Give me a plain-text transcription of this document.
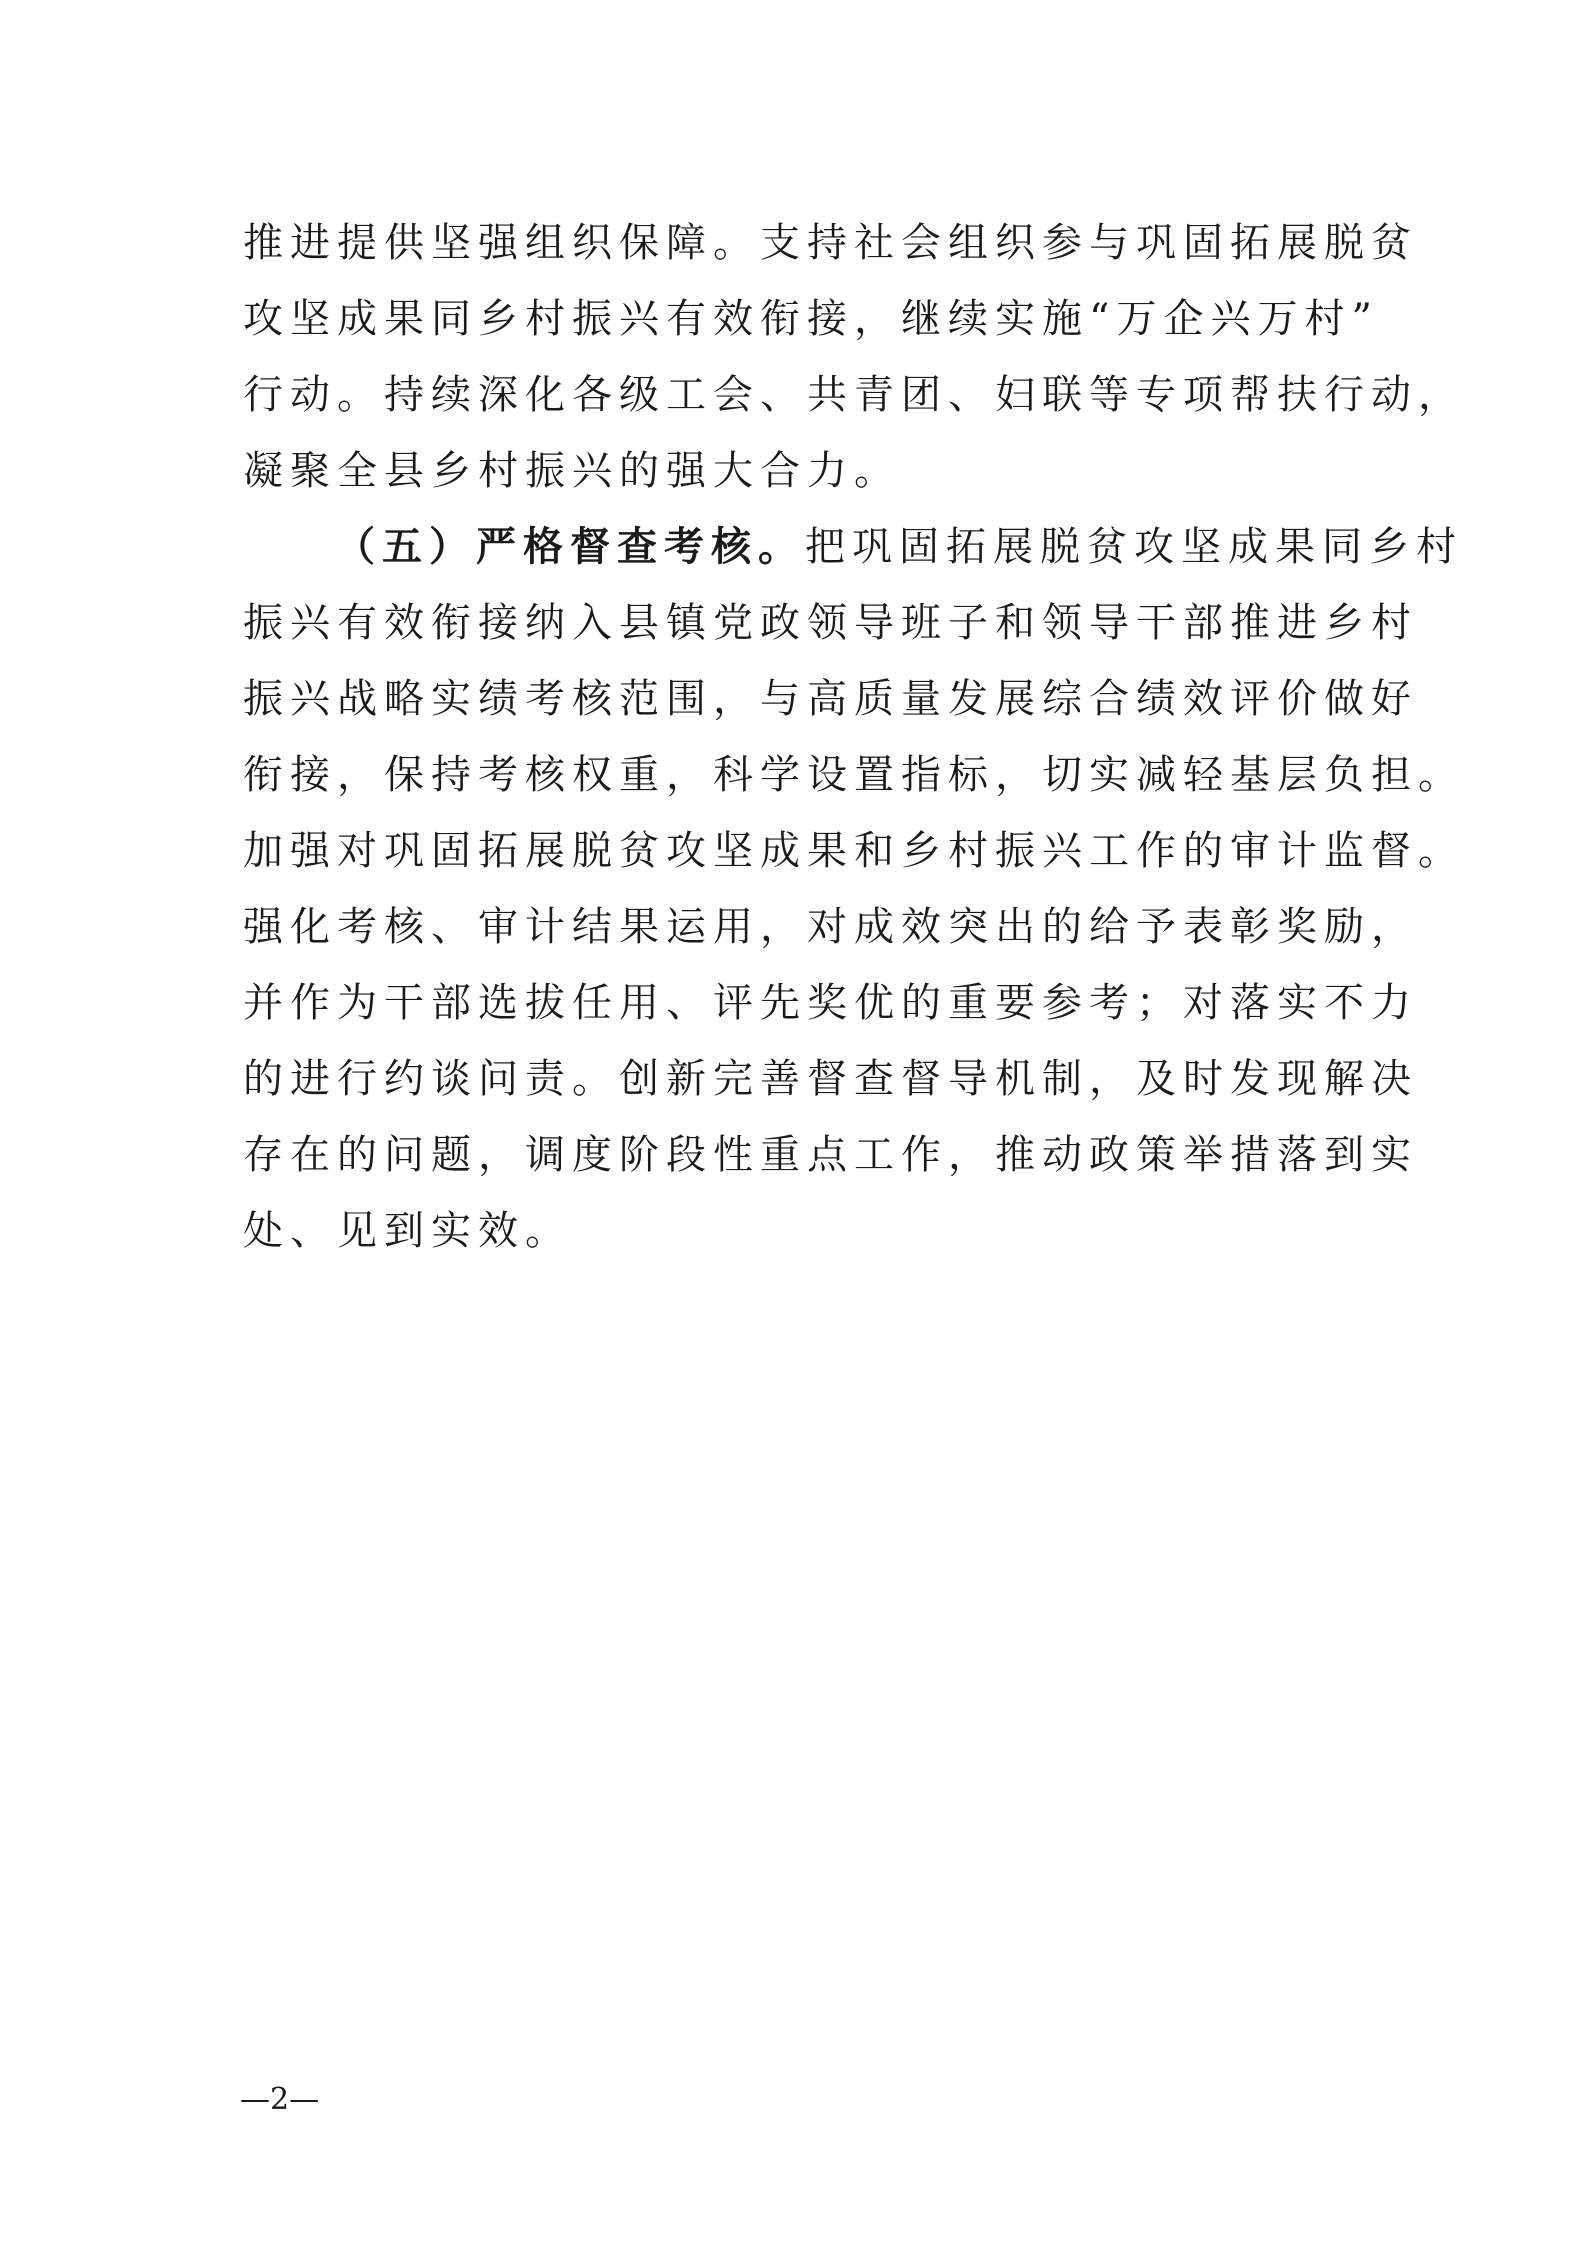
推进提供坚强组织保障。支持社会组织参与巩固拓展脱贫
攻坚成果同乡村振兴有效衔接，继续实施“万企兴万村”
行动。持续深化各级工会、共青团、妇联等专项帮扶行动，
凝聚全县乡村振兴的强大合力。
（五）严格督查考核。把巩固拓展脱贫攻坚成果同乡村
振兴有效衔接纳入县镇党政领导班子和领导干部推进乡村
振兴战略实绩考核范围，与高质量发展综合绩效评价做好
衔接，保持考核权重，科学设置指标，切实减轻基层负担。
加强对巩固拓展脱贫攻坚成果和乡村振兴工作的审计监督。
强化考核、审计结果运用，对成效突出的给予表彰奖励，
并作为干部选拔任用、评先奖优的重要参考；对落实不力
的进行约谈问责。创新完善督查督导机制，及时发现解决
存在的问题，调度阶段性重点工作，推动政策举措落到实
处、见到实效。
—2—
